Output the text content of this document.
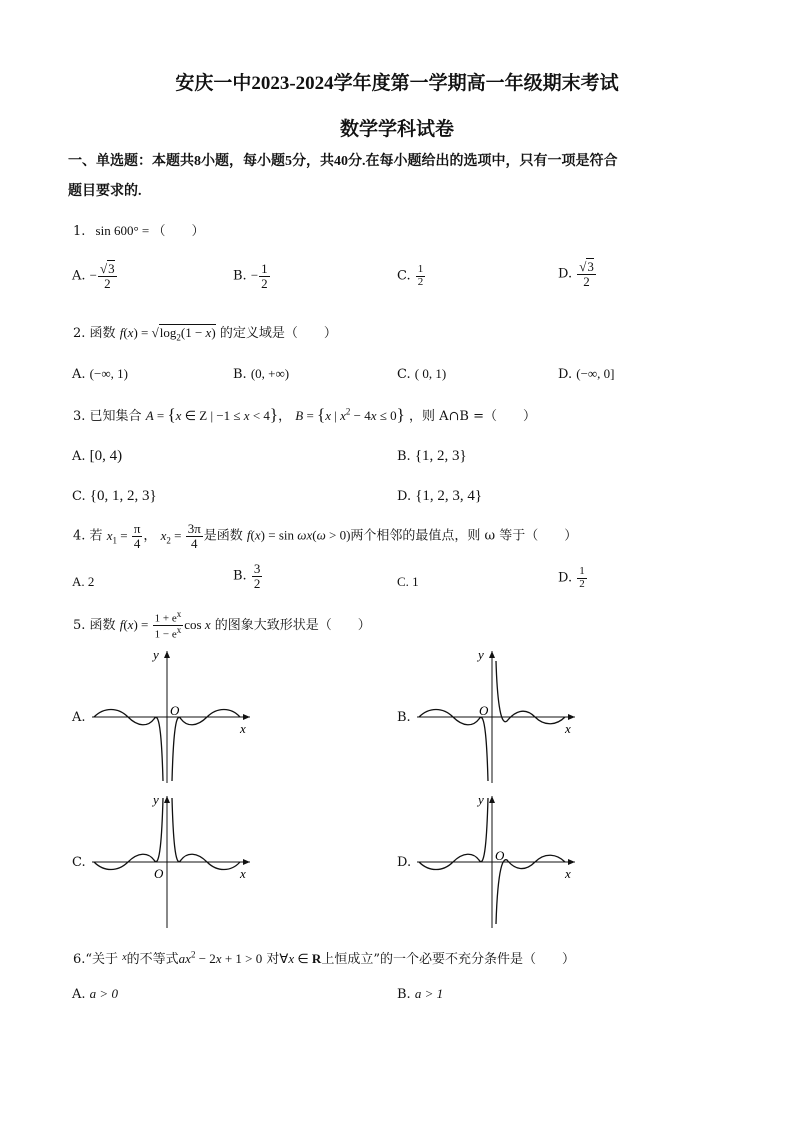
安庆一中2023-2024学年度第一学期高一年级期末考试
数学学科试卷
一、单选题：本题共8小题，每小题5分，共40分.在每小题给出的选项中，只有一项是符合
题目要求的.
1. sin 600° = （　　）
A. − $\frac{√3}{2}$	B. − $\frac{1}{2}$	C. $\frac{1}{2}$	D. $\frac{√3}{2}$
2. 函数 $f(x) = √\log_2(1 - x)$ 的定义域是（　　）
A. (−∞, 1)	B. (0, +∞)	C. ( 0, 1)	D. (−∞, 0]
3. 已知集合 A = {x ∈ Z | −1 ≤ x < 4}， B = {x | $x^2 - 4x \le 0$} ，则 A∩B =（　　）
A. [0, 4)	B. {1, 2, 3}
C. {0, 1, 2, 3}	D. {1, 2, 3, 4}
4. 若 $x_1 = \frac{\pi}{4}$ ， $x_2 = \frac{3\pi}{4}$ 是函数 f(x) = sin ωx(ω > 0)两个相邻的最值点，则 ω 等于（　　）
A. 2	B. $\frac{3}{2}$	C. 1	D. $\frac{1}{2}$
5. 函数 $f(x) = \frac{1 + e^x}{1 - e^x}$ cos x 的图象大致形状是（　　）
A.
y
x
O	B.
y
x
O
C.
y
x
O
D.
y
x
O
6.“关于 $^x$的不等式$ax^2 - 2x + 1 > 0$ 对∀x ∈ R上恒成立”的一个必要不充分条件是（　　）
A. a > 0	B. a > 1
